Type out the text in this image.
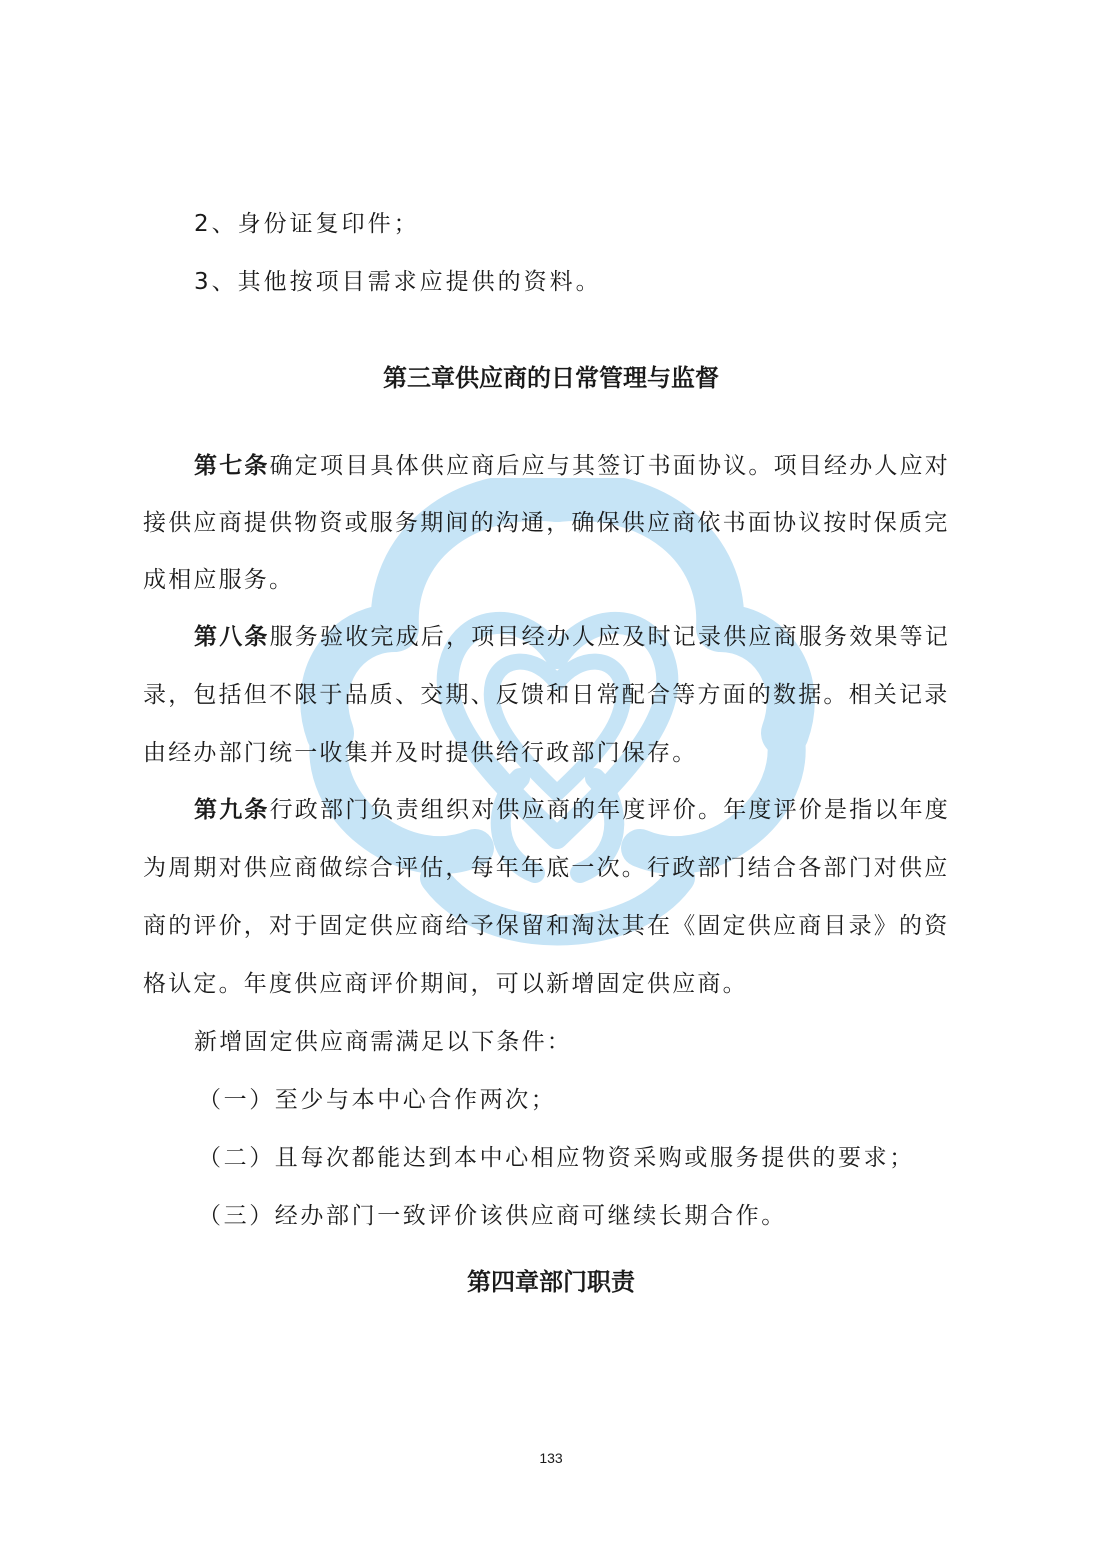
2、身份证复印件；
3、其他按项目需求应提供的资料。
第三章供应商的日常管理与监督
第七条确定项目具体供应商后应与其签订书面协议。项目经办人应对
接供应商提供物资或服务期间的沟通，确保供应商依书面协议按时保质完
成相应服务。
第八条服务验收完成后，项目经办人应及时记录供应商服务效果等记
录，包括但不限于品质、交期、反馈和日常配合等方面的数据。相关记录
由经办部门统一收集并及时提供给行政部门保存。
第九条行政部门负责组织对供应商的年度评价。年度评价是指以年度
为周期对供应商做综合评估，每年年底一次。行政部门结合各部门对供应
商的评价，对于固定供应商给予保留和淘汰其在《固定供应商目录》的资
格认定。年度供应商评价期间，可以新增固定供应商。
新增固定供应商需满足以下条件：
（一）至少与本中心合作两次；
（二）且每次都能达到本中心相应物资采购或服务提供的要求；
（三）经办部门一致评价该供应商可继续长期合作。
第四章部门职责
133
